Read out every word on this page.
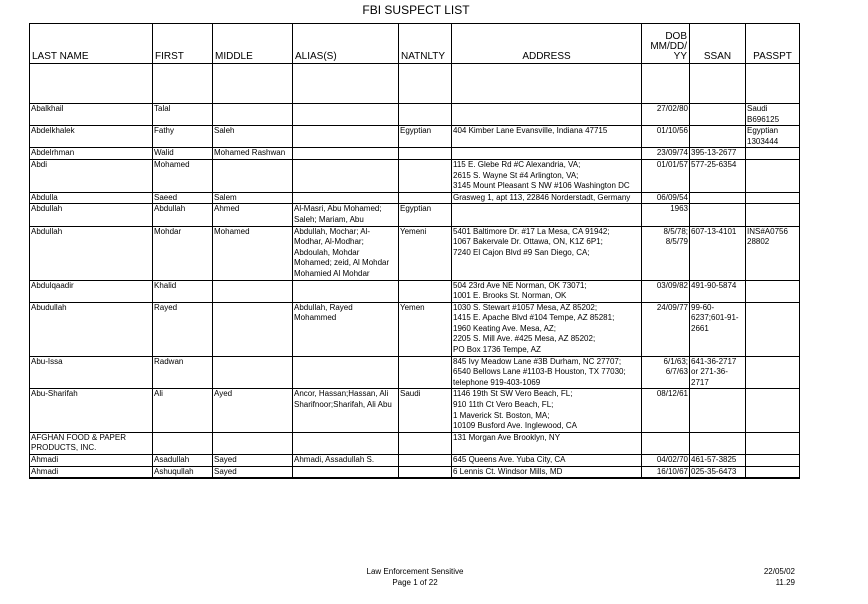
FBI SUSPECT LIST
LAST NAME	FIRST	MIDDLE	ALIAS(S)	NATNLTY	ADDRESS	DOB MM/DD/YY	SSAN	PASSPT

Abalkhail	Talal					27/02/80		Saudi B696125

Abdelkhalek	Fathy	Saleh		Egyptian	404 Kimber Lane Evansville, Indiana 47715	01/10/56		Egyptian 1303444

Abdelrhman	Walid	Mohamed Rashwan				23/09/74	395-13-2677	

Abdi	Mohamed				115 E. Glebe Rd #C Alexandria, VA;
2615 S. Wayne St #4 Arlington, VA;
3145 Mount Pleasant S NW #106 Washington DC	01/01/57	577-25-6354	

Abdulla	Saeed	Salem			Grasweg 1, apt 113, 22846 Norderstadt, Germany	06/09/54		

Abdullah	Abdullah	Ahmed	Al-Masri, Abu Mohamed; Saleh; Mariam, Abu	Egyptian		1963		

Abdullah	Mohdar	Mohamed	Abdullah, Mochar; Al-Modhar, Al-Modhar; Abdoulah, Mohdar Mohamed; zeid, Al Mohdar Mohamied Al Mohdar	Yemeni	5401 Baltimore Dr. #17 La Mesa, CA 91942;
1067 Bakervale Dr. Ottawa, ON, K1Z 6P1;
7240 El Cajon Blvd #9 San Diego, CA;	8/5/78;
8/5/79	607-13-4101	INS#A0756 28802

Abdulqaadir	Khalid				504 23rd Ave NE Norman, OK 73071;
1001 E. Brooks St. Norman, OK	03/09/82	491-90-5874	

Abudullah	Rayed		Abdullah, Rayed Mohammed	Yemen	1030 S. Stewart #1057 Mesa, AZ 85202;
1415 E. Apache Blvd #104 Tempe, AZ 85281;
1960 Keating Ave. Mesa, AZ;
2205 S. Mill Ave. #425 Mesa, AZ 85202;
PO Box 1736 Tempe, AZ	24/09/77	99-60-6237;601-91-2661	

Abu-Issa	Radwan				845 Ivy Meadow Lane #3B Durham, NC 27707;
6540 Bellows Lane #1103-B Houston, TX 77030; telephone 919-403-1069	6/1/63;
6/7/63	641-36-2717 or 271-36-2717	

Abu-Sharifah	Ali	Ayed	Ancor, Hassan;Hassan, Ali Sharifnoor;Sharifah, Ali Abu	Saudi	1146 19th St SW Vero Beach, FL;
910 11th Ct Vero Beach, FL;
1 Maverick St. Boston, MA;
10109 Busford Ave. Inglewood, CA	08/12/61		

AFGHAN FOOD & PAPER PRODUCTS, INC.					131 Morgan Ave Brooklyn, NY			

Ahmadi	Asadullah	Sayed	Ahmadi, Assadullah S.		645 Queens Ave. Yuba City, CA	04/02/70	461-57-3825	

Ahmadi	Ashuqullah	Sayed			6 Lennis Ct. Windsor Mills, MD	16/10/67	025-35-6473	

Law Enforcement Sensitive
Page 1 of 22
22/05/02
11.29
